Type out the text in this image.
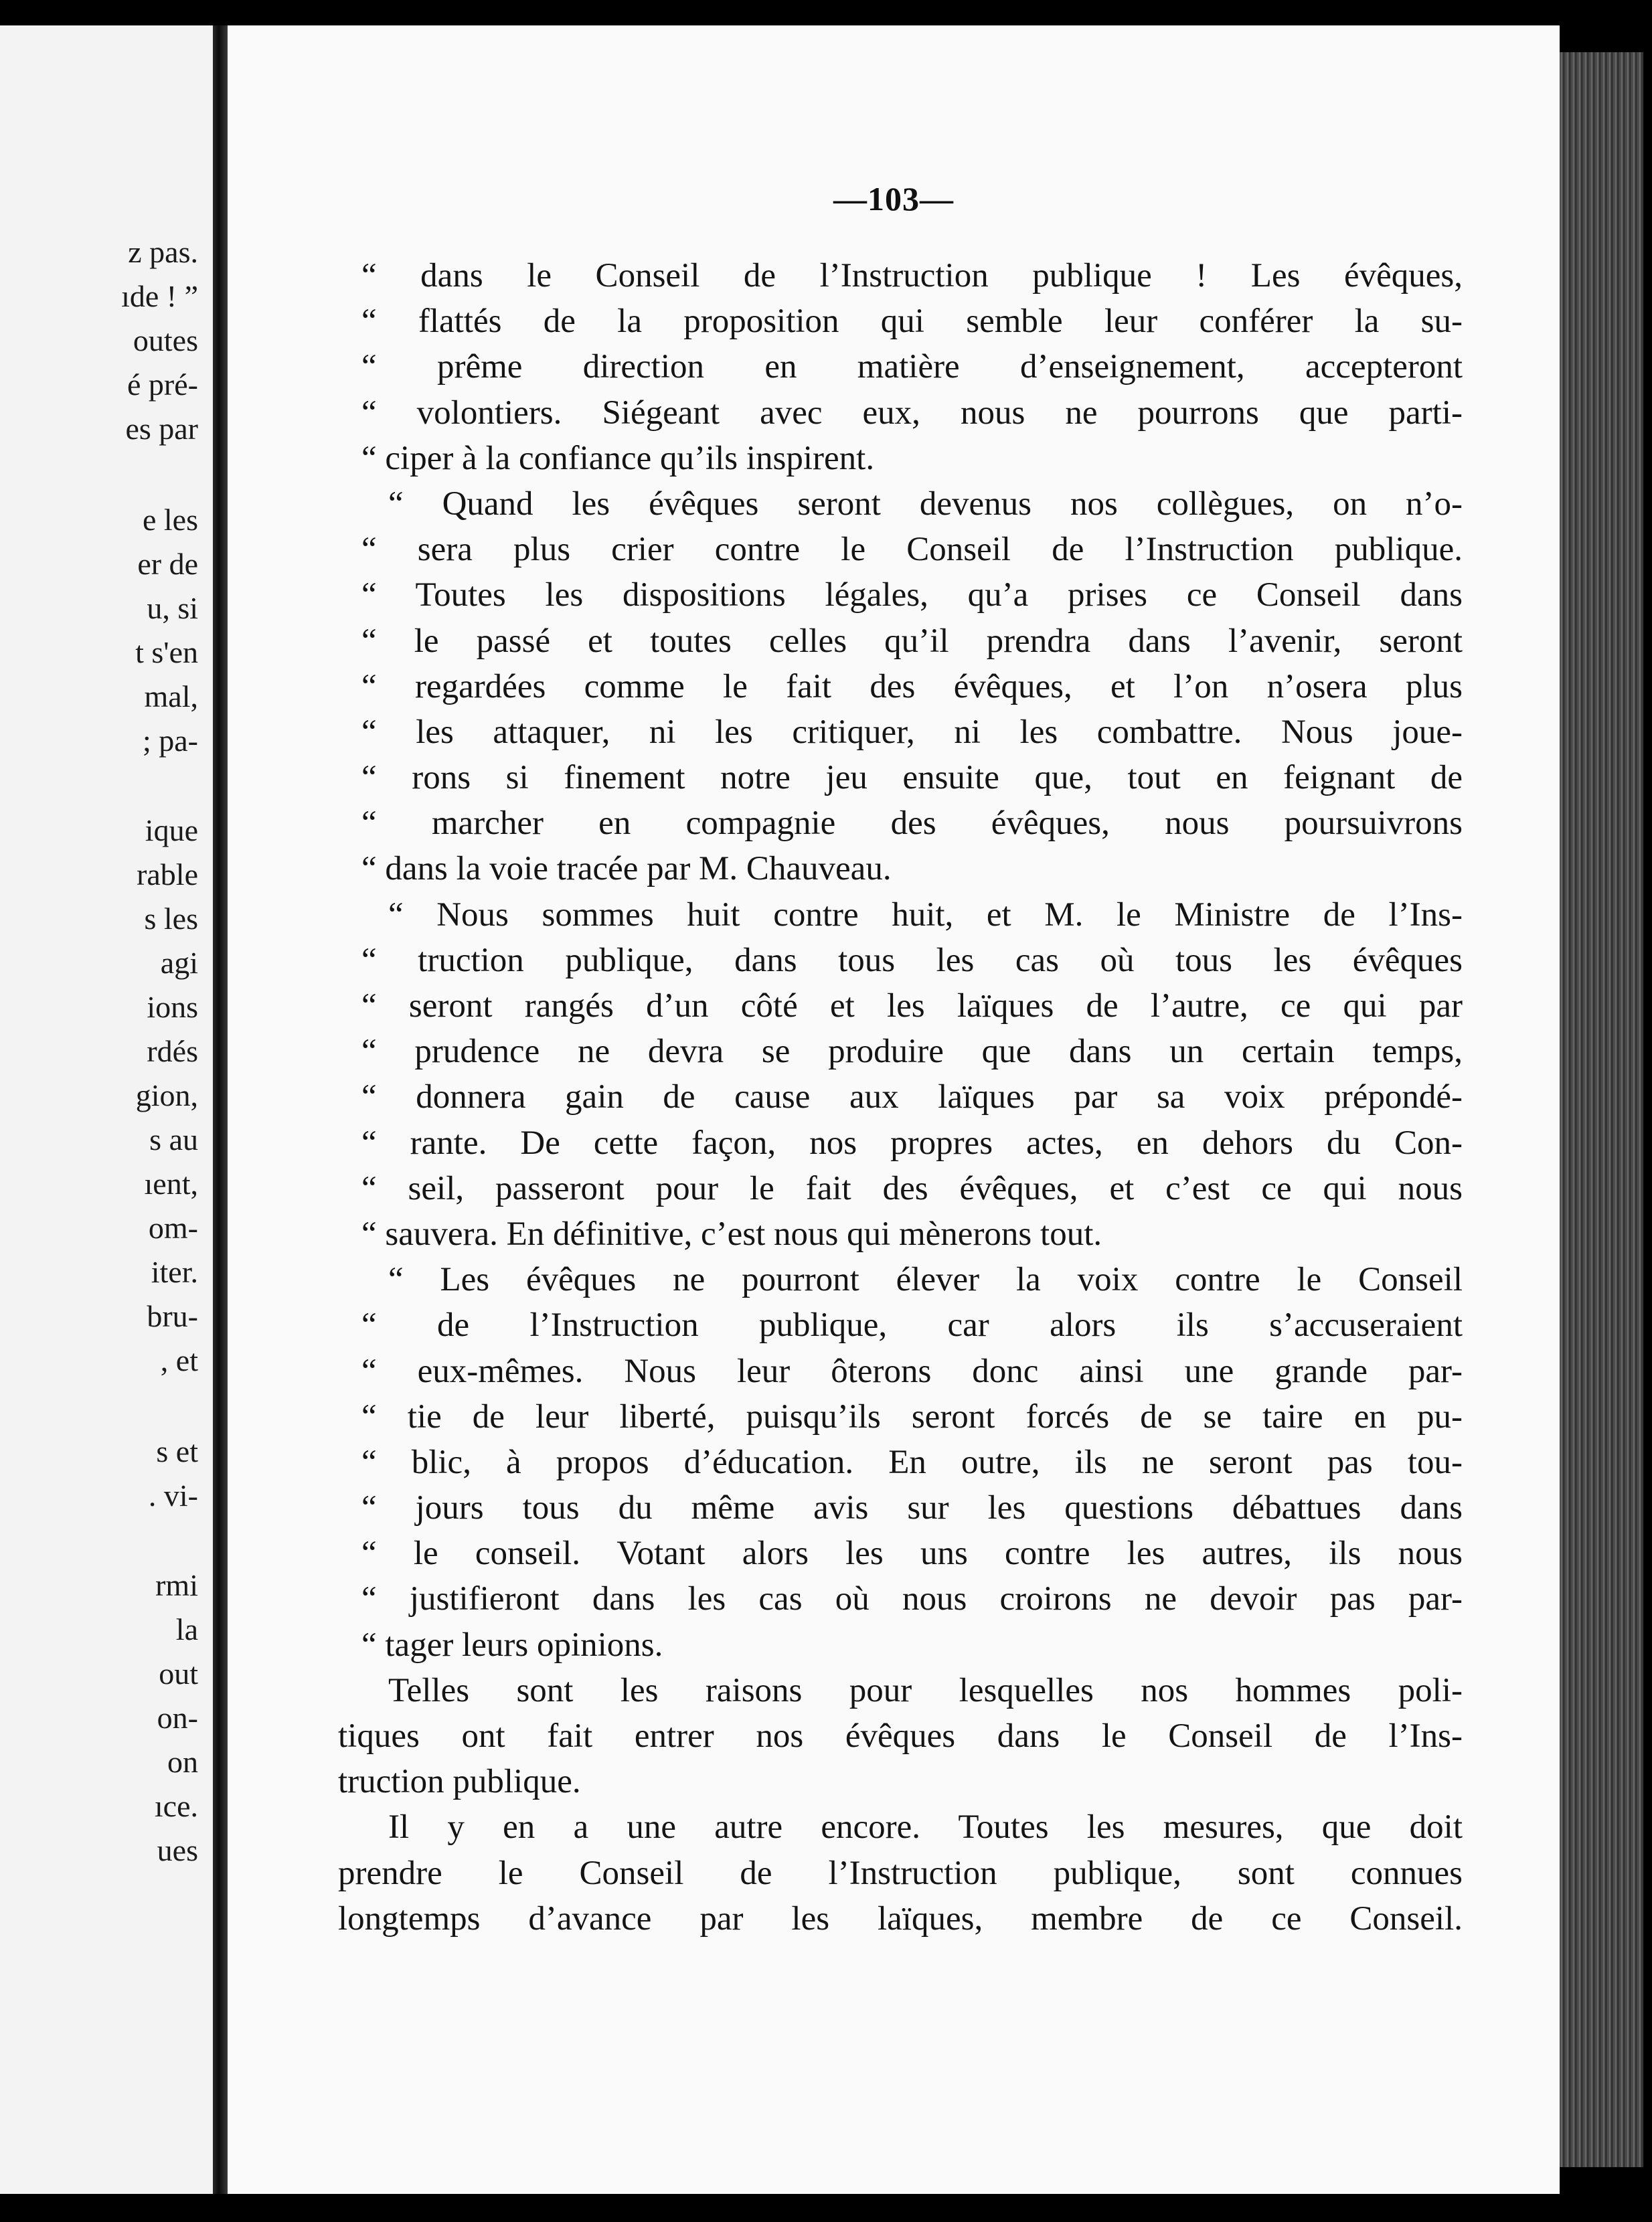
z pas.
ıde ! ”
outes
é pré-
es par
e les
er de
u, si
t s'en
mal,
; pa-
ique
rable
s les
agi
ions
rdés
gion,
s au
ıent,
om-
iter.
bru-
, et
s et
. vi-
rmi
la
out
on-
on
ıce.
ues
—103—
“ dans le Conseil de l’Instruction publique ! Les évêques,
“ flattés de la proposition qui semble leur conférer la su-
“ prême direction en matière d’enseignement, accepteront
“ volontiers. Siégeant avec eux, nous ne pourrons que parti-
“ ciper à la confiance qu’ils inspirent.
“ Quand les évêques seront devenus nos collègues, on n’o-
“ sera plus crier contre le Conseil de l’Instruction publique.
“ Toutes les dispositions légales, qu’a prises ce Conseil dans
“ le passé et toutes celles qu’il prendra dans l’avenir, seront
“ regardées comme le fait des évêques, et l’on n’osera plus
“ les attaquer, ni les critiquer, ni les combattre. Nous joue-
“ rons si finement notre jeu ensuite que, tout en feignant de
“ marcher en compagnie des évêques, nous poursuivrons
“ dans la voie tracée par M. Chauveau.
“ Nous sommes huit contre huit, et M. le Ministre de l’Ins-
“ truction publique, dans tous les cas où tous les évêques
“ seront rangés d’un côté et les laïques de l’autre, ce qui par
“ prudence ne devra se produire que dans un certain temps,
“ donnera gain de cause aux laïques par sa voix prépondé-
“ rante. De cette façon, nos propres actes, en dehors du Con-
“ seil, passeront pour le fait des évêques, et c’est ce qui nous
“ sauvera. En définitive, c’est nous qui mènerons tout.
“ Les évêques ne pourront élever la voix contre le Conseil
“ de l’Instruction publique, car alors ils s’accuseraient
“ eux-mêmes. Nous leur ôterons donc ainsi une grande par-
“ tie de leur liberté, puisqu’ils seront forcés de se taire en pu-
“ blic, à propos d’éducation. En outre, ils ne seront pas tou-
“ jours tous du même avis sur les questions débattues dans
“ le conseil. Votant alors les uns contre les autres, ils nous
“ justifieront dans les cas où nous croirons ne devoir pas par-
“ tager leurs opinions.
Telles sont les raisons pour lesquelles nos hommes poli-
tiques ont fait entrer nos évêques dans le Conseil de l’Ins-
truction publique.
Il y en a une autre encore. Toutes les mesures, que doit
prendre le Conseil de l’Instruction publique, sont connues
longtemps d’avance par les laïques, membre de ce Conseil.
